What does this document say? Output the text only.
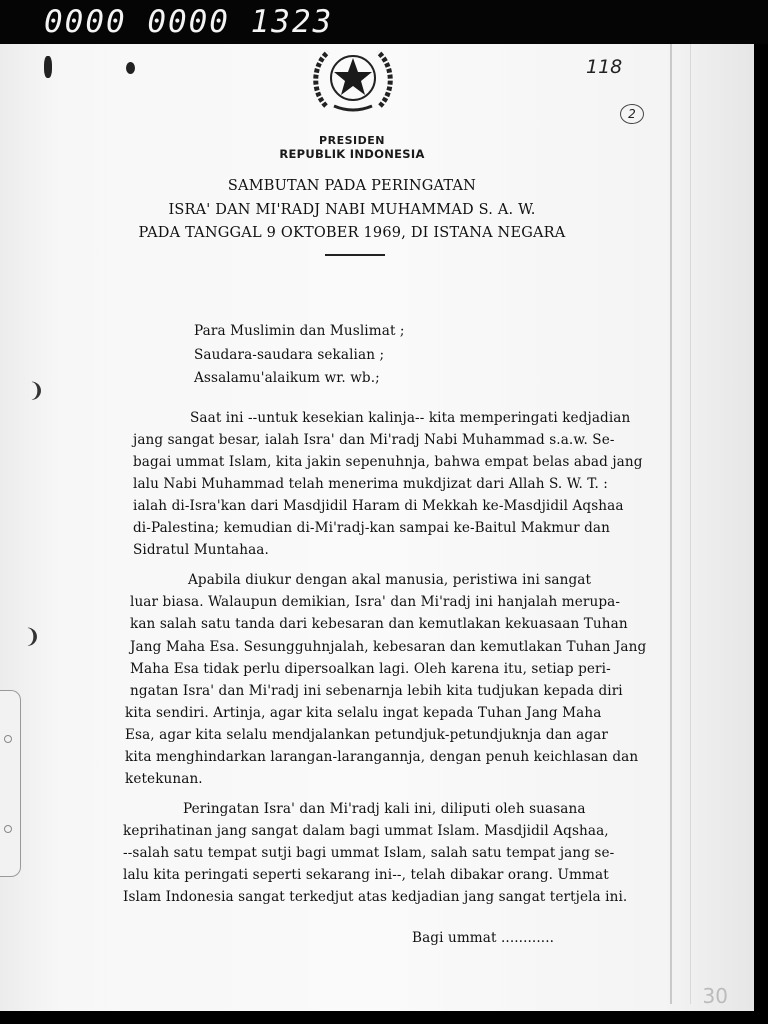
0000 0000 1323
❩
❩
118
2
PRESIDEN
REPUBLIK INDONESIA
SAMBUTAN PADA PERINGATAN
ISRA' DAN MI'RADJ NABI MUHAMMAD S. A. W.
PADA TANGGAL 9 OKTOBER 1969, DI ISTANA NEGARA
Para Muslimin dan Muslimat ;
Saudara-saudara sekalian ;
Assalamu'alaikum wr. wb.;
Saat ini --untuk kesekian kalinja-- kita memperingati kedjadian
jang sangat besar, ialah Isra' dan Mi'radj Nabi Muhammad s.a.w. Se-
bagai ummat Islam, kita jakin sepenuhnja, bahwa empat belas abad jang
lalu Nabi Muhammad telah menerima mukdjizat dari Allah S. W. T. :
ialah di-Isra'kan dari Masdjidil Haram di Mekkah ke-Masdjidil Aqshaa
di-Palestina; kemudian di-Mi'radj-kan sampai ke-Baitul Makmur dan
Sidratul Muntahaa.
Apabila diukur dengan akal manusia, peristiwa ini sangat
luar biasa. Walaupun demikian, Isra' dan Mi'radj ini hanjalah merupa-
kan salah satu tanda dari kebesaran dan kemutlakan kekuasaan Tuhan
Jang Maha Esa. Sesungguhnjalah, kebesaran dan kemutlakan Tuhan Jang
Maha Esa tidak perlu dipersoalkan lagi. Oleh karena itu, setiap peri-
ngatan Isra' dan Mi'radj ini sebenarnja lebih kita tudjukan kepada diri
kita sendiri. Artinja, agar kita selalu ingat kepada Tuhan Jang Maha
Esa, agar kita selalu mendjalankan petundjuk-petundjuknja dan agar
kita menghindarkan larangan-larangannja, dengan penuh keichlasan dan
ketekunan.
Peringatan Isra' dan Mi'radj kali ini, diliputi oleh suasana
keprihatinan jang sangat dalam bagi ummat Islam. Masdjidil Aqshaa,
--salah satu tempat sutji bagi ummat Islam, salah satu tempat jang se-
lalu kita peringati seperti sekarang ini--, telah dibakar orang. Ummat
Islam Indonesia sangat terkedjut atas kedjadian jang sangat tertjela ini.
Bagi ummat ............
30
